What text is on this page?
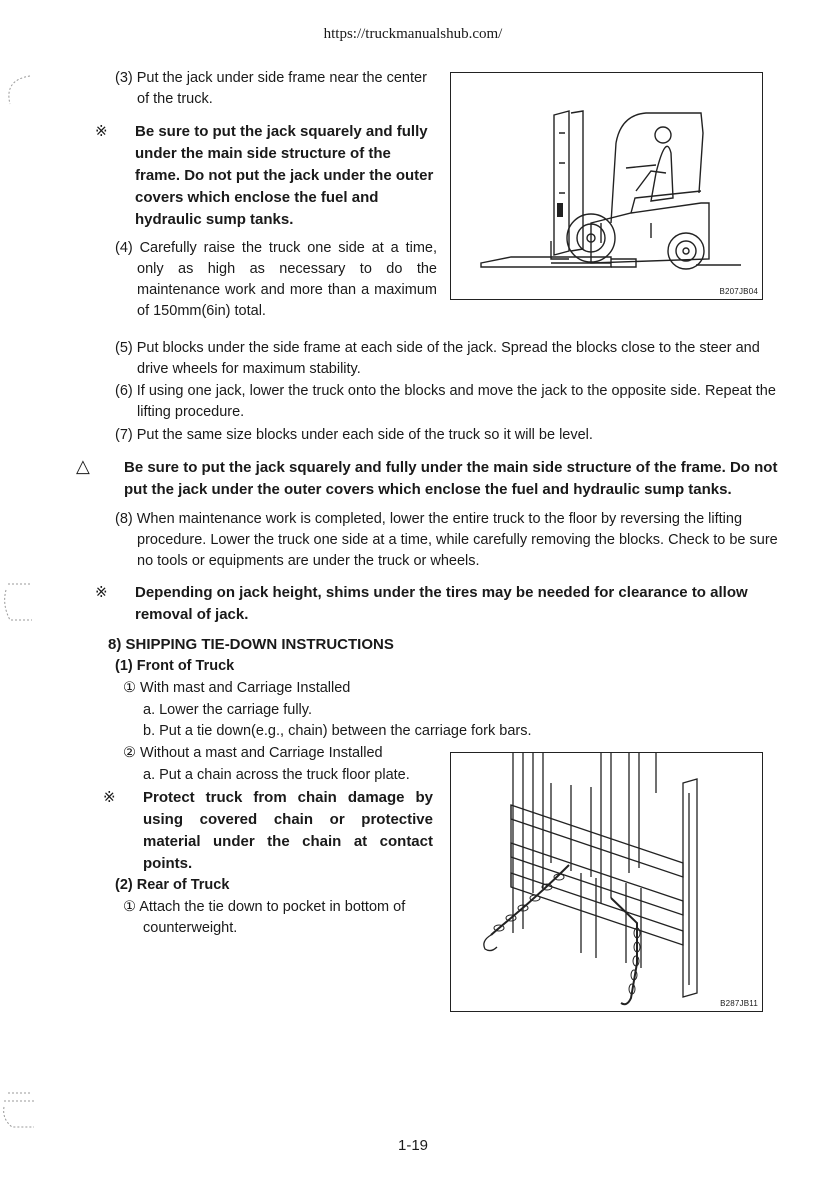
https://truckmanualshub.com/
(3) Put the jack under side frame near the center of the truck.
※ Be sure to put the jack squarely and fully under the main side structure of the frame. Do not put the jack under the outer covers which enclose the fuel and hydraulic sump tanks.
(4) Carefully raise the truck one side at a time, only as high as necessary to do the maintenance work and more than a maximum of 150mm(6in) total.
B207JB04
(5) Put blocks under the side frame at each side of the jack. Spread the blocks close to the steer and drive wheels for maximum stability.
(6) If using one jack, lower the truck onto the blocks and move the jack to the opposite side. Repeat the lifting procedure.
(7) Put the same size blocks under each side of the truck so it will be level.
△ Be sure to put the jack squarely and fully under the main side structure of the frame. Do not put the jack under the outer covers which enclose the fuel and hydraulic sump tanks.
(8) When maintenance work is completed, lower the entire truck to the floor by reversing the lifting procedure. Lower the truck one side at a time, while carefully removing the blocks. Check to be sure no tools or equipments are under the truck or wheels.
※ Depending on jack height, shims under the tires may be needed for clearance to allow removal of jack.
8) SHIPPING TIE-DOWN INSTRUCTIONS
(1) Front of Truck
① With mast and Carriage Installed
a. Lower the carriage fully.
b. Put a tie down(e.g., chain) between the carriage fork bars.
② Without a mast and Carriage Installed
a. Put a chain across the truck floor plate.
※ Protect truck from chain damage by using covered chain or protective material under the chain at contact points.
(2) Rear of Truck
① Attach the tie down to pocket in bottom of counterweight.
B287JB11
1-19
